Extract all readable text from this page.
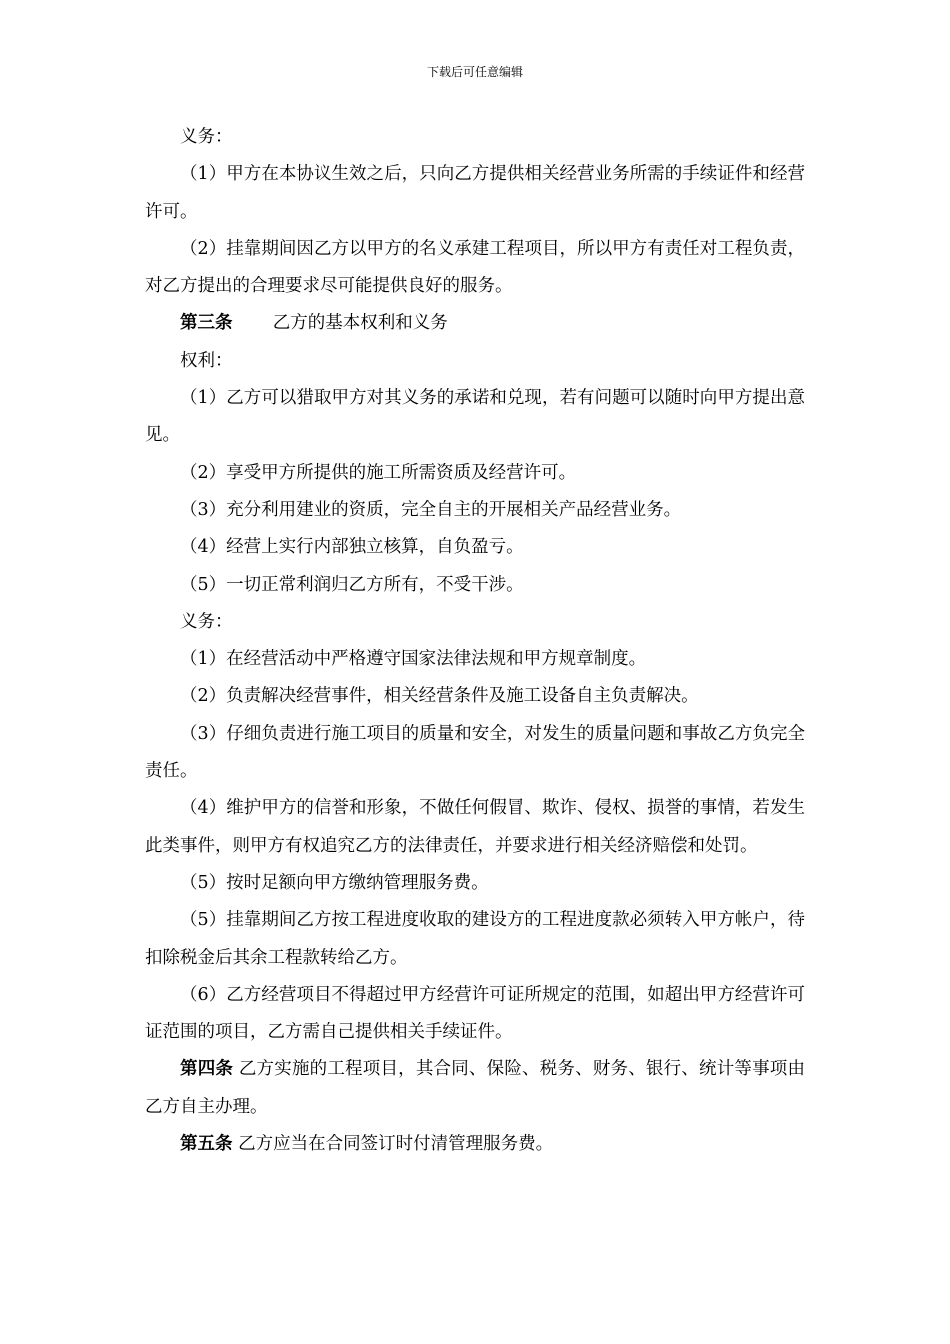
下载后可任意编辑

义务：

（1）甲方在本协议生效之后，只向乙方提供相关经营业务所需的手续证件和经营许可。

（2）挂靠期间因乙方以甲方的名义承建工程项目，所以甲方有责任对工程负责，对乙方提出的合理要求尽可能提供良好的服务。

第三条 乙方的基本权利和义务

权利：

（1）乙方可以猎取甲方对其义务的承诺和兑现，若有问题可以随时向甲方提出意见。

（2）享受甲方所提供的施工所需资质及经营许可。

（3）充分利用建业的资质，完全自主的开展相关产品经营业务。

（4）经营上实行内部独立核算，自负盈亏。

（5）一切正常利润归乙方所有，不受干涉。

义务：

（1）在经营活动中严格遵守国家法律法规和甲方规章制度。

（2）负责解决经营事件，相关经营条件及施工设备自主负责解决。

（3）仔细负责进行施工项目的质量和安全，对发生的质量问题和事故乙方负完全责任。

（4）维护甲方的信誉和形象，不做任何假冒、欺诈、侵权、损誉的事情，若发生此类事件，则甲方有权追究乙方的法律责任，并要求进行相关经济赔偿和处罚。

（5）按时足额向甲方缴纳管理服务费。

（5）挂靠期间乙方按工程进度收取的建设方的工程进度款必须转入甲方帐户，待扣除税金后其余工程款转给乙方。

（6）乙方经营项目不得超过甲方经营许可证所规定的范围，如超出甲方经营许可证范围的项目，乙方需自己提供相关手续证件。

第四条 乙方实施的工程项目，其合同、保险、税务、财务、银行、统计等事项由乙方自主办理。

第五条 乙方应当在合同签订时付清管理服务费。
